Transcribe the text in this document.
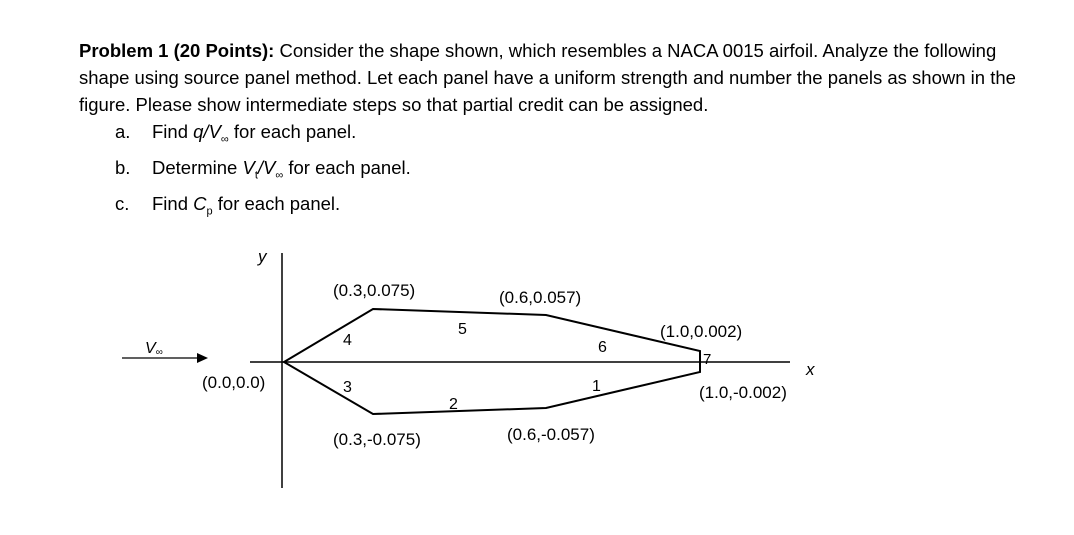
Problem 1 (20 Points): Consider the shape shown, which resembles a NACA 0015 airfoil. Analyze the following shape using source panel method. Let each panel have a uniform strength and number the panels as shown in the figure. Please show intermediate steps so that partial credit can be assigned.
a. Find $q/V_\infty$ for each panel.
b. Determine $V_t/V_\infty$ for each panel.
c. Find $C_p$ for each panel.
y
x
V∞
(0.3,0.075)	(0.6,0.057)
(1.0,0.002)
(0.0,0.0)
(1.0,-0.002)
(0.3,-0.075)	(0.6,-0.057)
1
2
3
4
5
6
7
